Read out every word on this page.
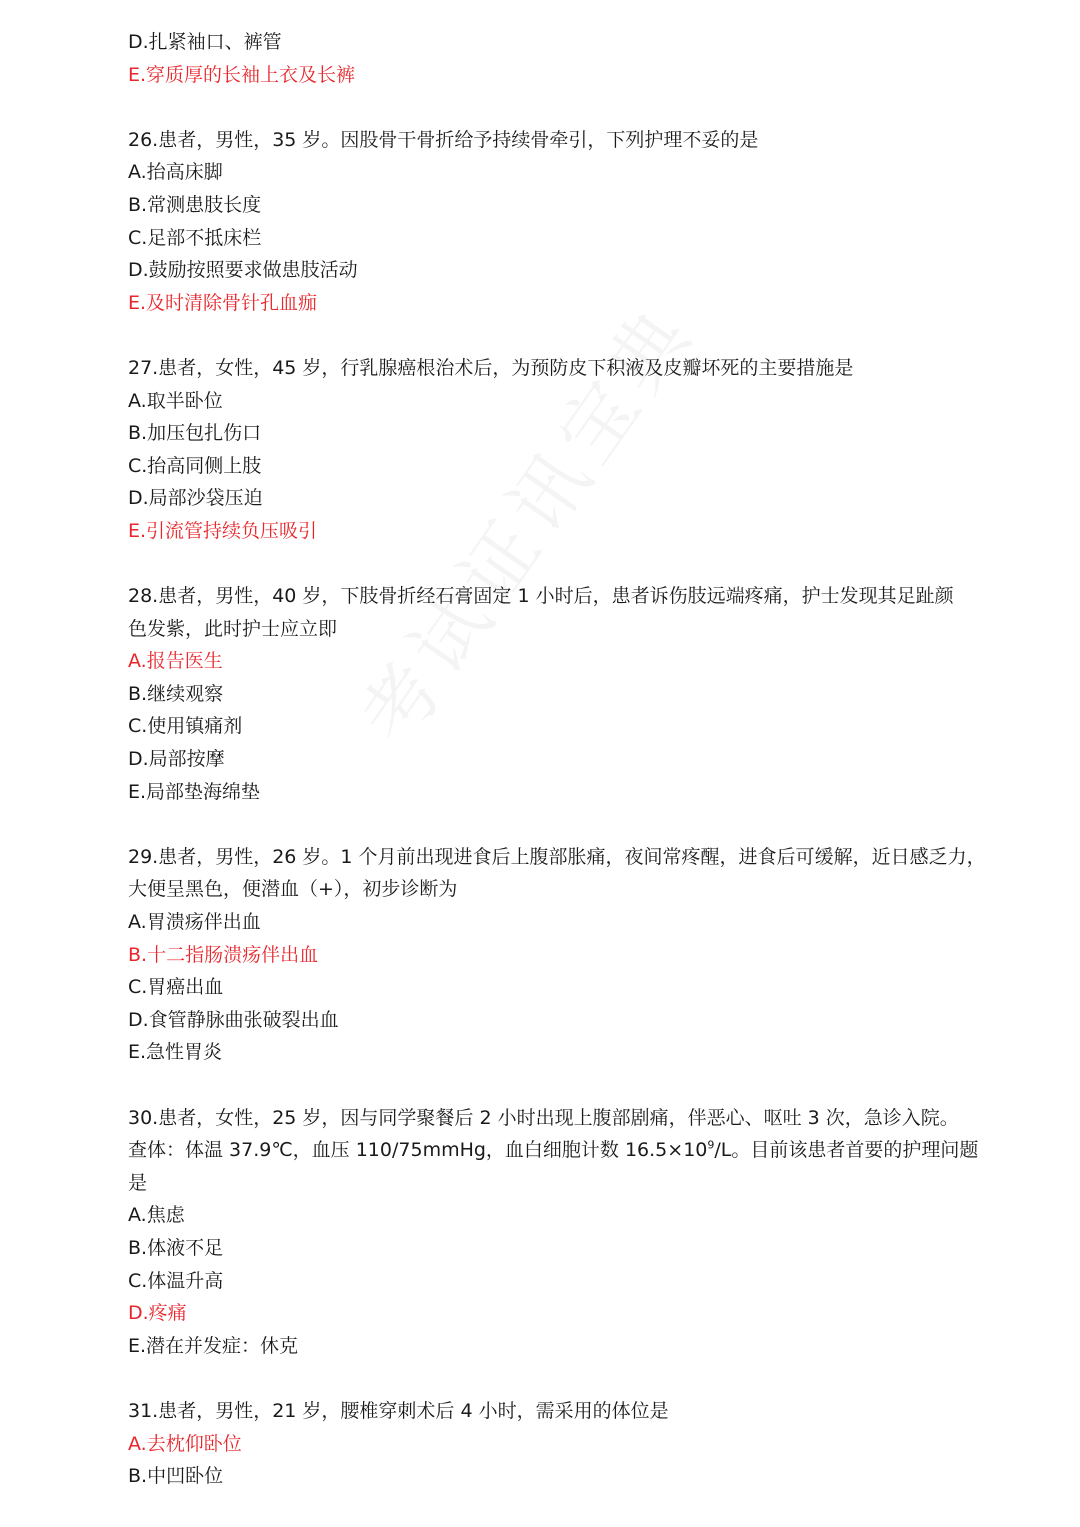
D.扎紧袖口、裤管
E.穿质厚的长袖上衣及长裤
26.患者，男性，35 岁。因股骨干骨折给予持续骨牵引，下列护理不妥的是
A.抬高床脚
B.常测患肢长度
C.足部不抵床栏
D.鼓励按照要求做患肢活动
E.及时清除骨针孔血痂
27.患者，女性，45 岁，行乳腺癌根治术后，为预防皮下积液及皮瓣坏死的主要措施是
A.取半卧位
B.加压包扎伤口
C.抬高同侧上肢
D.局部沙袋压迫
E.引流管持续负压吸引
28.患者，男性，40 岁，下肢骨折经石膏固定 1 小时后，患者诉伤肢远端疼痛，护士发现其足趾颜
色发紫，此时护士应立即
A.报告医生
B.继续观察
C.使用镇痛剂
D.局部按摩
E.局部垫海绵垫
29.患者，男性，26 岁。1 个月前出现进食后上腹部胀痛，夜间常疼醒，进食后可缓解，近日感乏力，
大便呈黑色，便潜血（+），初步诊断为
A.胃溃疡伴出血
B.十二指肠溃疡伴出血
C.胃癌出血
D.食管静脉曲张破裂出血
E.急性胃炎
30.患者，女性，25 岁，因与同学聚餐后 2 小时出现上腹部剧痛，伴恶心、呕吐 3 次，急诊入院。
查体：体温 37.9℃，血压 110/75mmHg，血白细胞计数 $16.5\times 10^9/L$。目前该患者首要的护理问题
是
A.焦虑
B.体液不足
C.体温升高
D.疼痛
E.潜在并发症：休克
31.患者，男性，21 岁，腰椎穿刺术后 4 小时，需采用的体位是
A.去枕仰卧位
B.中凹卧位
